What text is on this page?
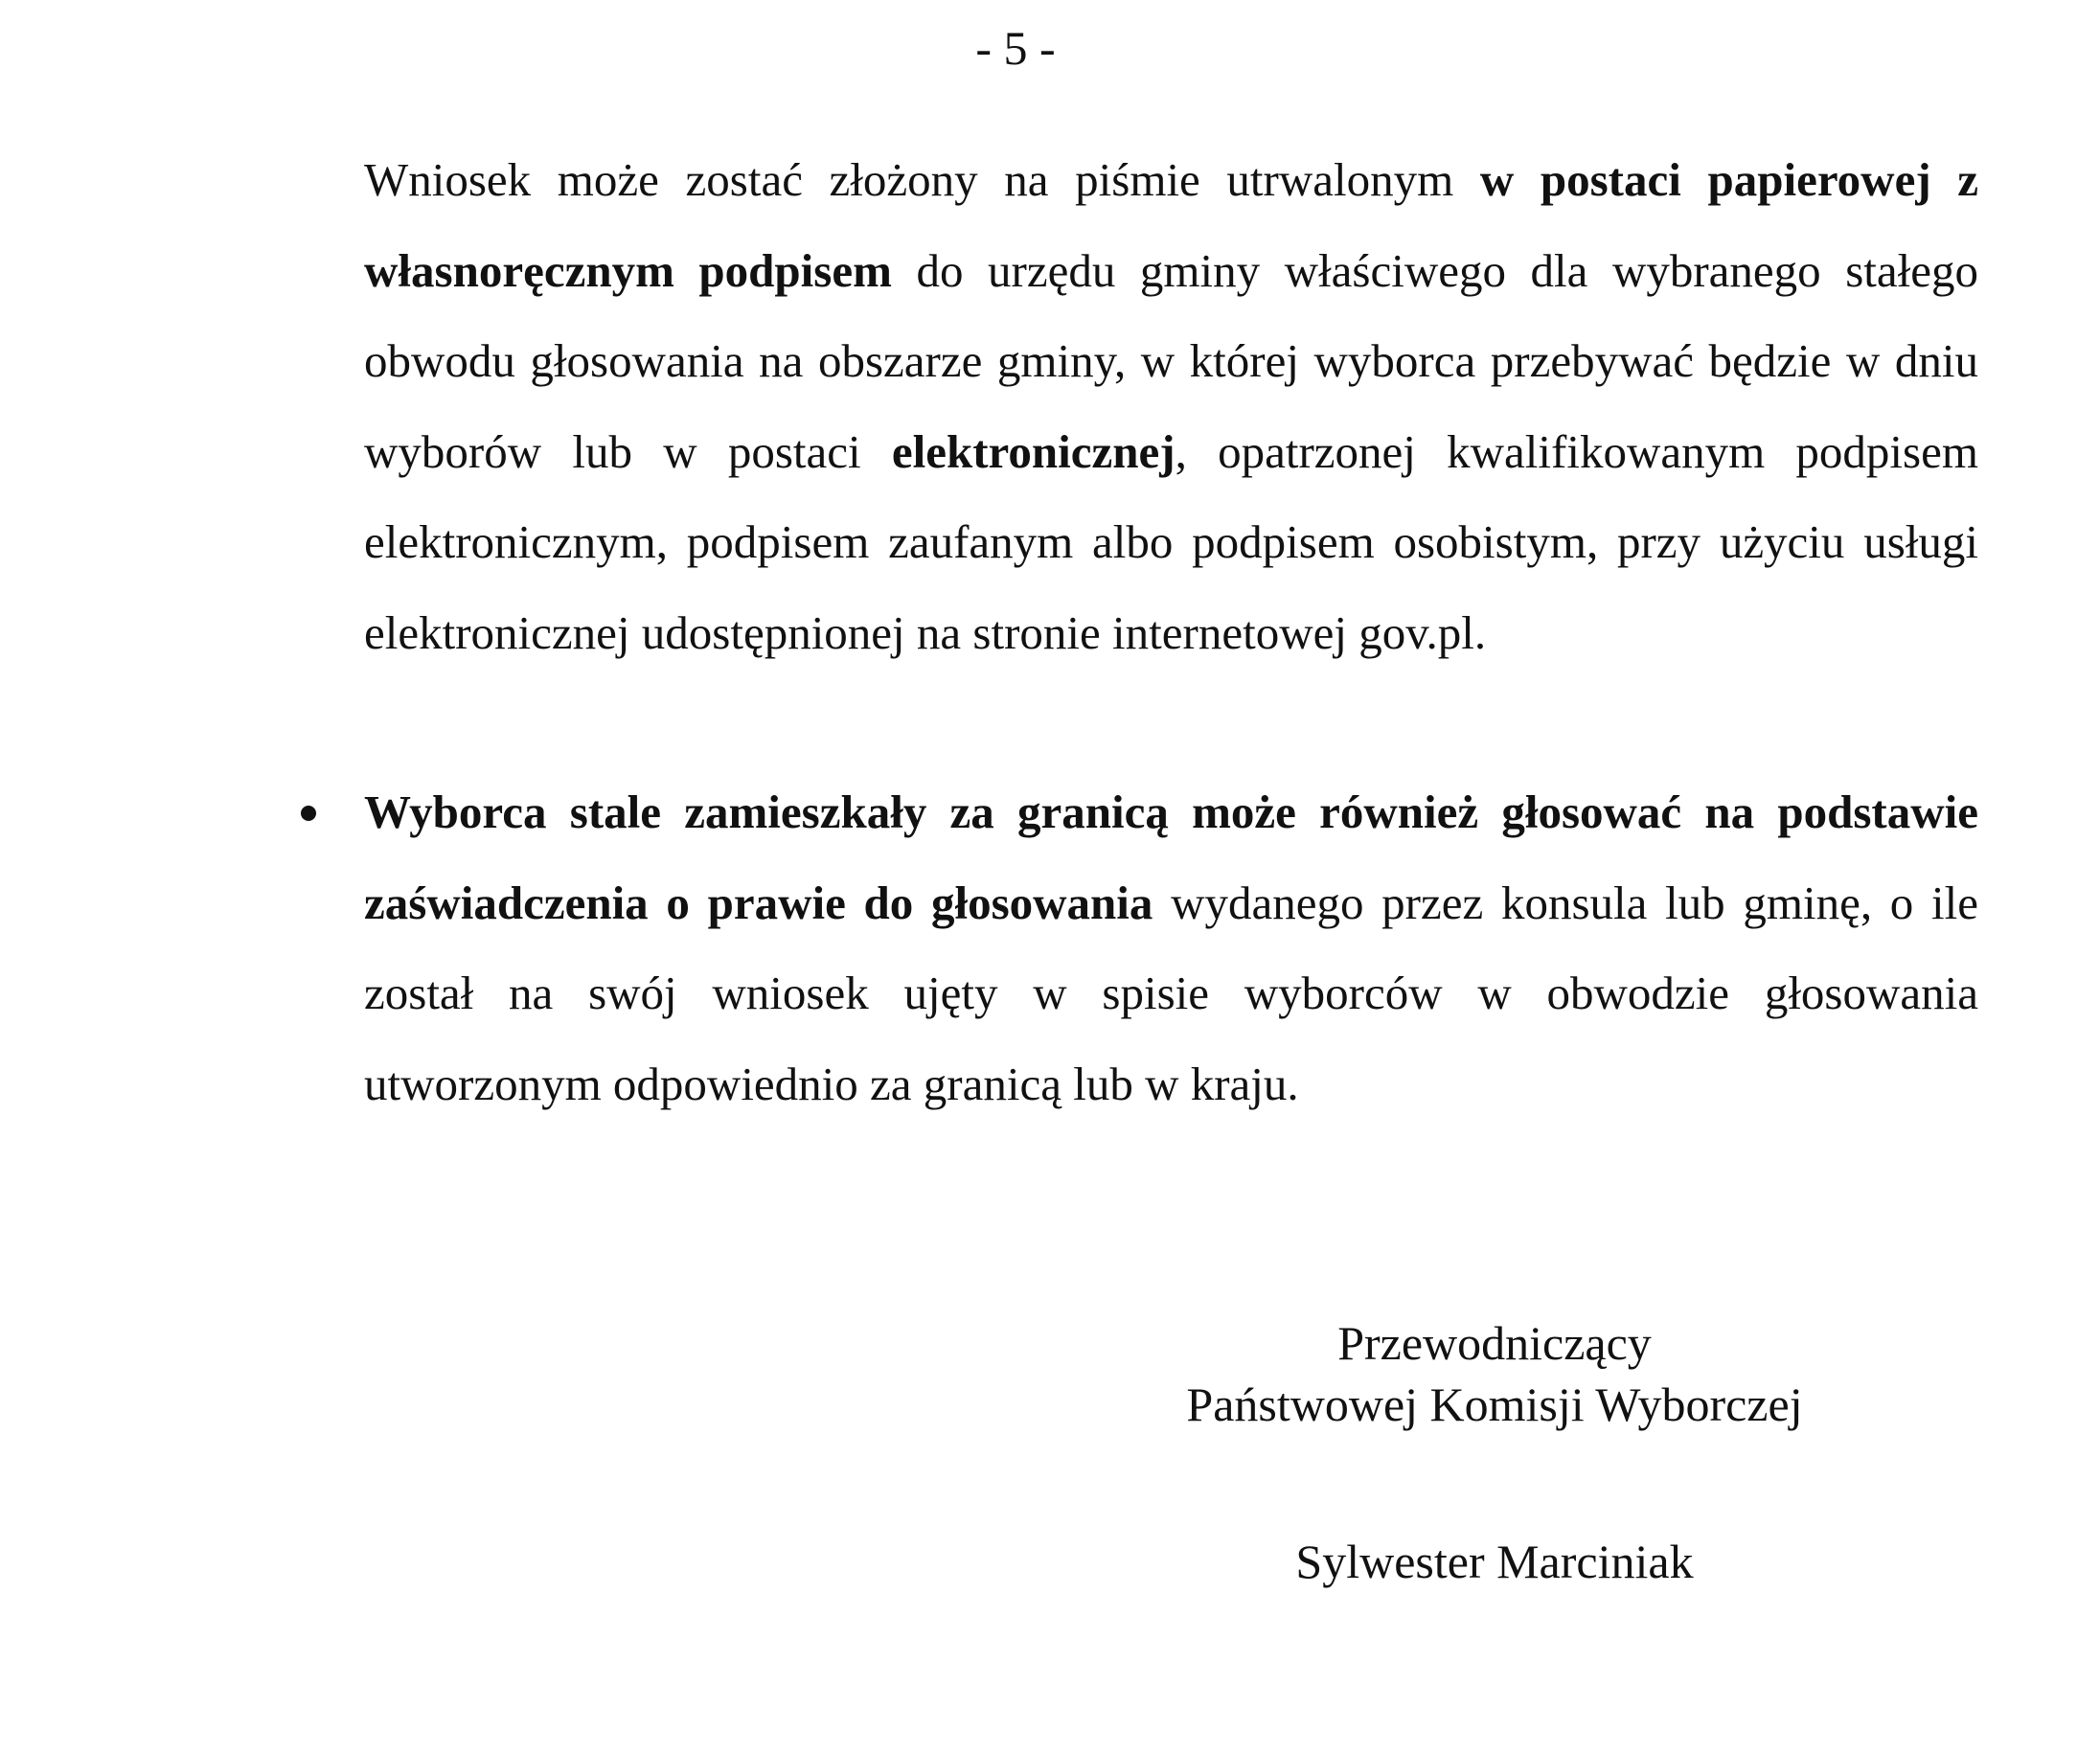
- 5 -
Wniosek może zostać złożony na piśmie utrwalonym w postaci papierowej z własnoręcznym podpisem do urzędu gminy właściwego dla wybranego stałego obwodu głosowania na obszarze gminy, w której wyborca przebywać będzie w dniu wyborów lub w postaci elektronicznej, opatrzonej kwalifikowanym podpisem elektronicznym, podpisem zaufanym albo podpisem osobistym, przy użyciu usługi elektronicznej udostępnionej na stronie internetowej gov.pl.
Wyborca stale zamieszkały za granicą może również głosować na podstawie zaświadczenia o prawie do głosowania wydanego przez konsula lub gminę, o ile został na swój wniosek ujęty w spisie wyborców w obwodzie głosowania utworzonym odpowiednio za granicą lub w kraju.
Przewodniczący
Państwowej Komisji Wyborczej
Sylwester Marciniak
